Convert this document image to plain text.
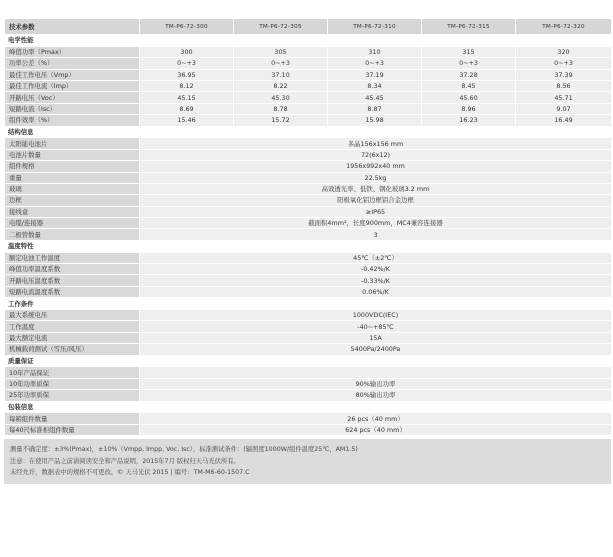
技术参数	TM-P6-72-300	TM-P6-72-305	TM-P6-72-310	TM-P6-72-315	TM-P6-72-320
电学性能					
峰值功率（Pmax）	300	305	310	315	320
功率公差（%）	0~+3	0~+3	0~+3	0~+3	0~+3
最佳工作电压（Vmp）	36.95	37.10	37.19	37.28	37.39
最佳工作电流（Imp）	8.12	8.22	8.34	8.45	8.56
开路电压（Voc）	45.15	45.30	45.45	45.60	45.71
短路电流（Isc）	8.69	8.78	8.87	8.96	9.07
组件效率（%）	15.46	15.72	15.98	16.23	16.49
结构信息					
太阳能电池片	多晶156x156 mm				
电池片数量	72(6x12)				
组件规格	1956x992x40 mm				
重量	22.5kg				
玻璃	高效透光率、低铁、钢化玻璃3.2 mm				
边框	阳极氧化铝边框铝合金边框				
接线盒	≥IP65				
电缆/连接器	截面积4mm²，长度900mm，MC4兼容连接器				
二极管数量	3				
温度特性					
额定电池工作温度	45℃（±2℃）				
峰值功率温度系数	-0.42%/K				
开路电压温度系数	-0.33%/K				
短路电流温度系数	0.06%/K				
工作条件					
最大系统电压	1000VDC(IEC)				
工作温度	-40~+85℃				
最大额定电流	15A				
机械载荷测试（雪压/风压）	5400Pa/2400Pa				
质量保证					
10年产品保证					
10年功率质保	90%输出功率				
25年功率质保	80%输出功率				
包装信息					
每箱组件数量	26 pcs（40 mm）				
每40尺标准柜组件数量	624 pcs（40 mm）				
测量不确定度：±3%(Pmax)，±10%（Vmpp, Impp, Voc, Isc），标准测试条件：(辐照度1000W/组件温度25℃，AM1.5)
注意：在使用产品之前请阅读安全和产品说明，2015年7月 版权归天马光伏所有。
未经允许，数据表中的规格不可更改。© 天马光伏 2015 | 编号：TM-M6-60-1507.C
